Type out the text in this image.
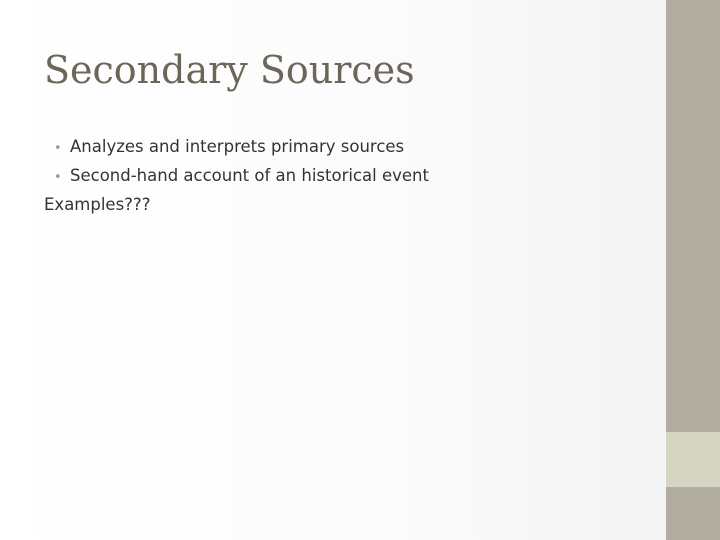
Secondary Sources
• Analyzes and interprets primary sources
• Second-hand account of an historical event
Examples???
